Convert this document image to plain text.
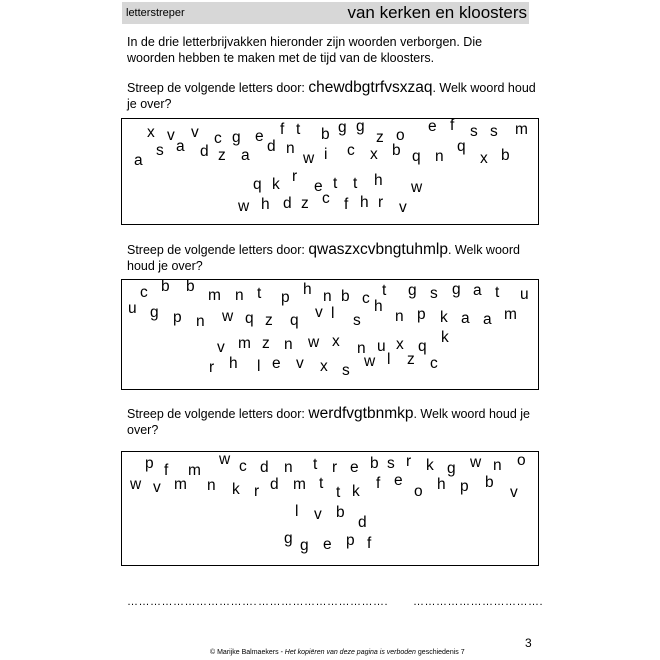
letterstreper	van kerken en kloosters
In de drie letterbrijvakken hieronder zijn woorden verborgen. Die woorden hebben te maken met de tijd van de kloosters.
Streep de volgende letters door: chewdbgtrfvsxzaq. Welk woord houd je over?
x v v c g e f t b g g
z o
e f s s m
a
s a d z a
d n
w i c x b q n
q
x b
q k r
e t t h w
w h d z c f h r v
Streep de volgende letters door: qwaszxcvbngtuhmlp. Welk woord houd je over?
c b b
m n t p h n b c t g s g a t u
u g p n w q z q v l s
h
n p k a a m
v m z n w x n u x q
k
r h l e v x s
w l z c
Streep de volgende letters door: werdfvgtbnmkp. Welk woord houd je over?
p f m
w c d n t r e b s r k g w n o
w v m n k r d m t
t k f e
o h p b
v
l v b
d
g g e p f
……………………………. ……………………………. …………………………….
3
© Marijke Balmaekers - Het kopiëren van deze pagina is verboden geschiedenis 7
